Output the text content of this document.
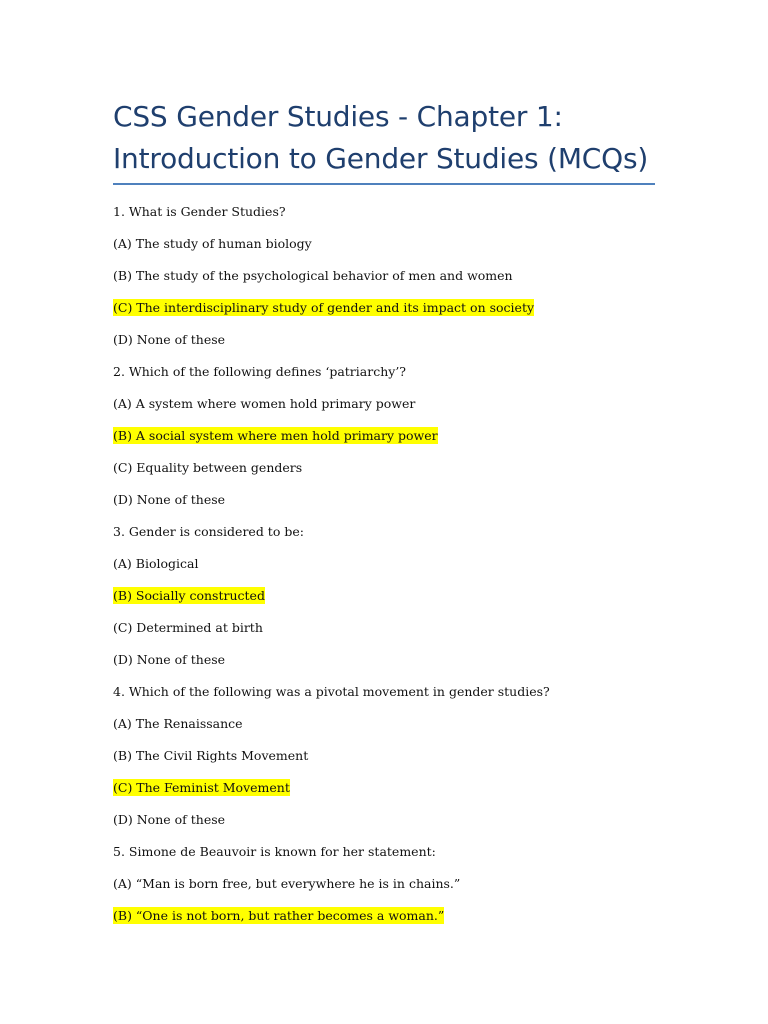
CSS Gender Studies - Chapter 1:
Introduction to Gender Studies (MCQs)
1. What is Gender Studies?
(A) The study of human biology
(B) The study of the psychological behavior of men and women
(C) The interdisciplinary study of gender and its impact on society
(D) None of these
2. Which of the following defines ‘patriarchy’?
(A) A system where women hold primary power
(B) A social system where men hold primary power
(C) Equality between genders
(D) None of these
3. Gender is considered to be:
(A) Biological
(B) Socially constructed
(C) Determined at birth
(D) None of these
4. Which of the following was a pivotal movement in gender studies?
(A) The Renaissance
(B) The Civil Rights Movement
(C) The Feminist Movement
(D) None of these
5. Simone de Beauvoir is known for her statement:
(A) “Man is born free, but everywhere he is in chains.”
(B) “One is not born, but rather becomes a woman.”
